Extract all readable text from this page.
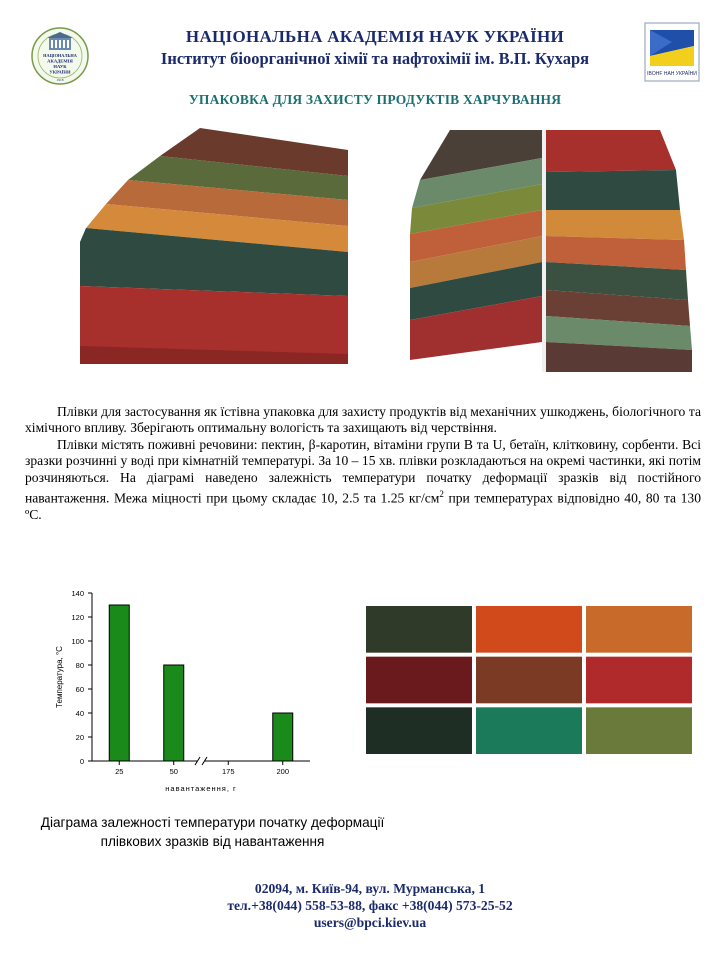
НАЦІОНАЛЬНА
АКАДЕМІЯ
НАУК
УКРАЇНИ
1918
IBOHF HAH УКРАЇНИ
НАЦІОНАЛЬНА АКАДЕМІЯ НАУК УКРАЇНИ
Інститут біоорганічної хімії та нафтохімії ім. В.П. Кухаря
УПАКОВКА ДЛЯ ЗАХИСТУ ПРОДУКТІВ ХАРЧУВАННЯ

Плівки для застосування як їстівна упаковка для захисту продуктів від механічних ушкоджень, біологічного та хімічного впливу. Зберігають оптимальну вологість та захищають від черствіння.

Плівки містять поживні речовини: пектин, β-каротин, вітаміни групи В та U, бетаїн, клітковину, сорбенти. Всі зразки розчинні у воді при кімнатній температурі. За 10 – 15 хв. плівки розкладаються на окремі частинки, які потім розчиняються. На діаграмі наведено залежність температури початку деформації зразків від постійного навантаження. Межа міцності при цьому складає 10, 2.5 та 1.25 $кг/см^2$ при температурах відповідно 40, 80 та 130 ºС.

0
20
40
60
80
100
120
140
25	50	175	200
навантаження, г
Температура, °С
Діаграма залежності температури початку деформації плівкових зразків від навантаження
02094, м. Київ-94, вул. Мурманська, 1
тел.+38(044) 558-53-88, факс +38(044) 573-25-52
users@bpci.kiev.ua
